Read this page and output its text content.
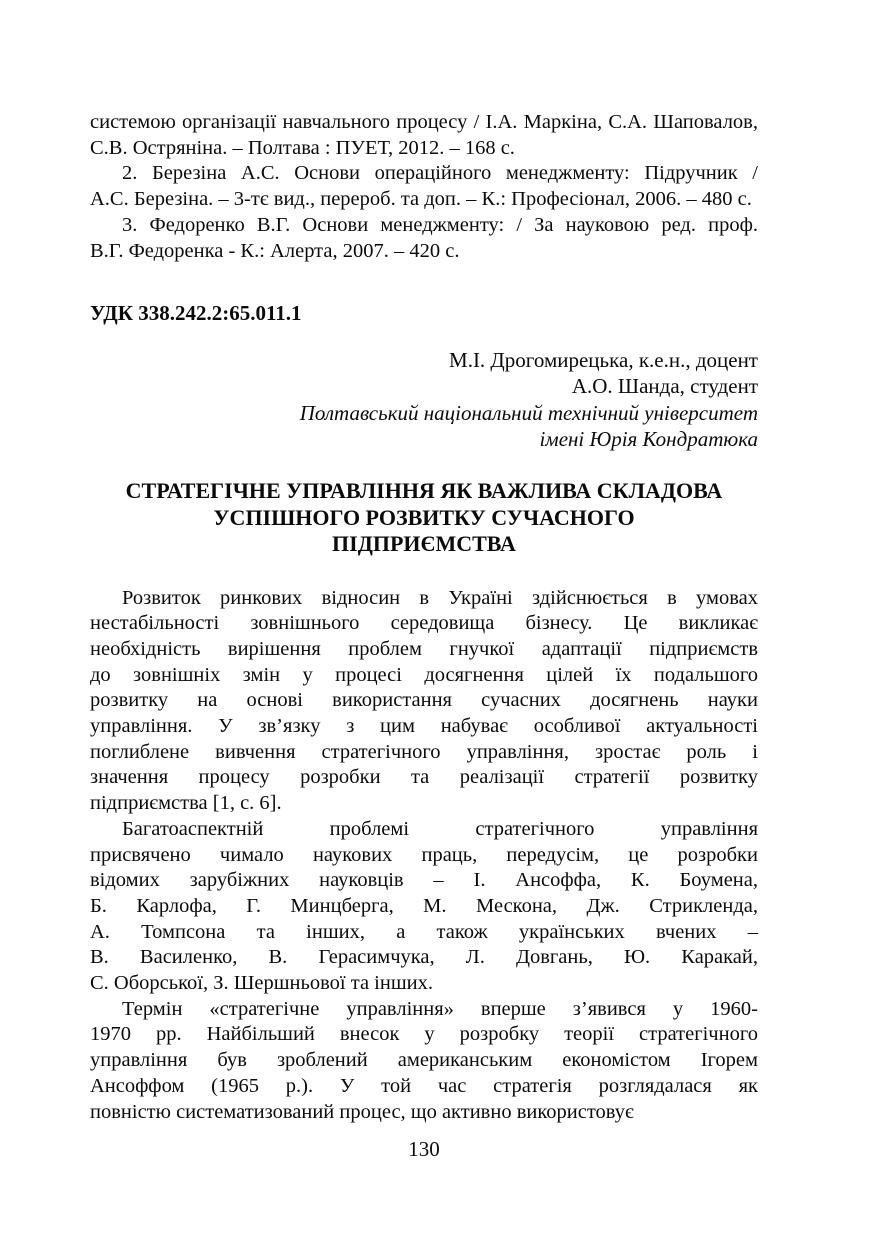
системою організації навчального процесу / І.А. Маркіна, С.А. Шаповалов,
С.В. Остряніна. – Полтава : ПУЕТ, 2012. – 168 с.
2. Березіна А.С. Основи операційного менеджменту: Підручник /
А.С. Березіна. – 3-тє вид., перероб. та доп. – К.: Професіонал, 2006. – 480 с.
3. Федоренко В.Г. Основи менеджменту: / За науковою ред. проф.
В.Г. Федоренка - К.: Алерта, 2007. – 420 с.

УДК 338.242.2:65.011.1

М.І. Дрогомирецька, к.е.н., доцент
А.О. Шанда, студент
Полтавський національний технічний університет
імені Юрія Кондратюка
СТРАТЕГІЧНЕ УПРАВЛІННЯ ЯК ВАЖЛИВА СКЛАДОВА
УСПІШНОГО РОЗВИТКУ СУЧАСНОГО
ПІДПРИЄМСТВА
Розвиток ринкових відносин в Україні здійснюється в умовах
нестабільності зовнішнього середовища бізнесу. Це викликає
необхідність вирішення проблем гнучкої адаптації підприємств
до зовнішніх змін у процесі досягнення цілей їх подальшого
розвитку на основі використання сучасних досягнень науки
управління. У зв’язку з цим набуває особливої актуальності
поглиблене вивчення стратегічного управління, зростає роль і
значення процесу розробки та реалізації стратегії розвитку
підприємства [1, с. 6].
Багатоаспектній проблемі стратегічного управління
присвячено чимало наукових праць, передусім, це розробки
відомих зарубіжних науковців – І. Ансоффа, К. Боумена,
Б. Карлофа, Г. Минцберга, М. Мескона, Дж. Стрикленда,
А. Томпсона та інших, а також українських вчених –
В. Василенко, В. Герасимчука, Л. Довгань, Ю. Каракай,
С. Оборської, З. Шершньової та інших.
Термін «стратегічне управління» вперше з’явився у 1960-
1970 рр. Найбільший внесок у розробку теорії стратегічного
управління був зроблений американським економістом Ігорем
Ансоффом (1965 р.). У той час стратегія розглядалася як
повністю систематизований процес, що активно використовує
130
